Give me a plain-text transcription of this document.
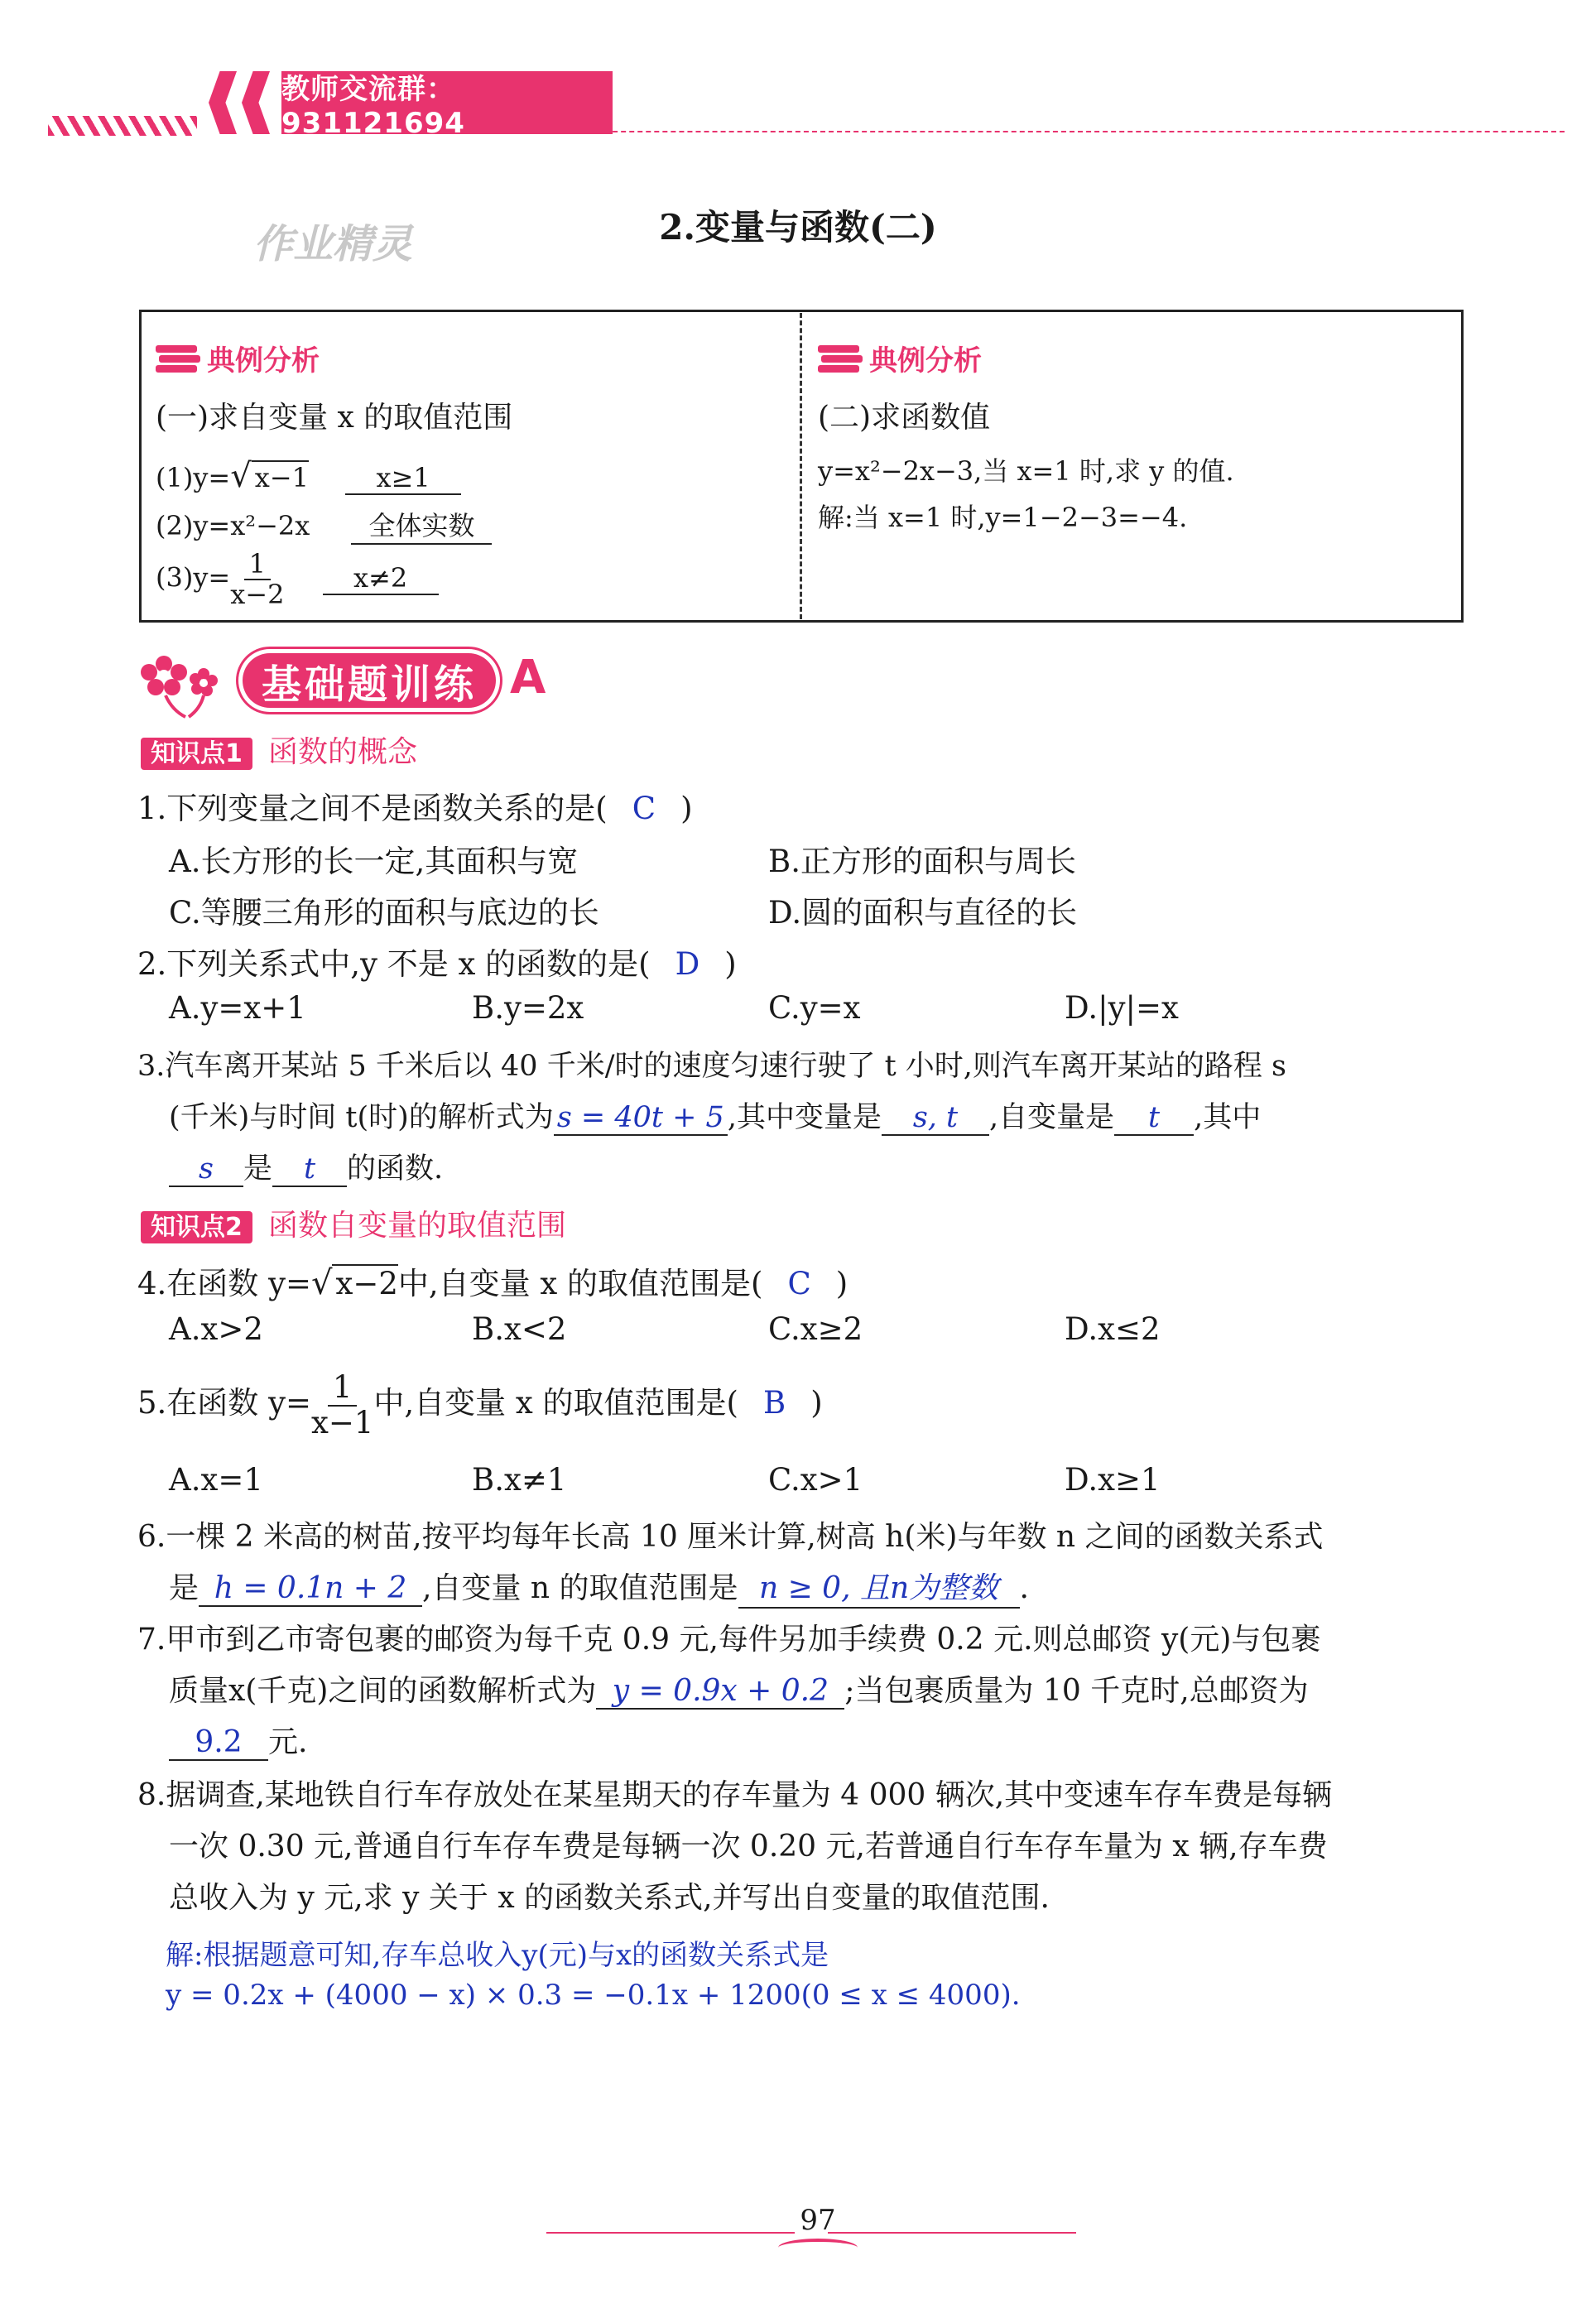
教师交流群：931121694
作业精灵	2.变量与函数(二)
典例分析
(一)求自变量 x 的取值范围
(1)y=√ x−1	x≥1
(2)y=x²−2x 全体实数
$(3)y= \frac{1}{x-2}$	x≠2
典例分析
(二)求函数值
y=x²−2x−3,当 x=1 时,求 y 的值.
解:当 x=1 时,y=1−2−3=−4.
基础题训练 A
知识点1 函数的概念
1.下列变量之间不是函数关系的是( C )
A.长方形的长一定,其面积与宽	B.正方形的面积与周长
C.等腰三角形的面积与底边的长	D.圆的面积与直径的长
2.下列关系式中,y 不是 x 的函数的是( D )
A.y=x+1	B.y=2x	C.y=x	D.|y|=x
3.汽车离开某站 5 千米后以 40 千米/时的速度匀速行驶了 t 小时,则汽车离开某站的路程 s
(千米)与时间 t(时)的解析式为 s = 40t + 5 ,其中变量是 s, t ,自变量是 t ,其中
s 是 t 的函数.
知识点2 函数自变量的取值范围
4.在函数 y=√ x−2中,自变量 x 的取值范围是( C )
A.x>2	B.x<2	C.x≥2	D.x≤2
5.在函数 $y= \frac{1}{x-1}$ 中,自变量 x 的取值范围是( B )
A.x=1	B.x≠1	C.x>1	D.x≥1
6.一棵 2 米高的树苗,按平均每年长高 10 厘米计算,树高 h(米)与年数 n 之间的函数关系式
是 h = 0.1n + 2 ,自变量 n 的取值范围是 n ≥ 0, 且n为整数 .
7.甲市到乙市寄包裹的邮资为每千克 0.9 元,每件另加手续费 0.2 元.则总邮资 y(元)与包裹
质量x(千克)之间的函数解析式为 y = 0.9x + 0.2 ;当包裹质量为 10 千克时,总邮资为
9.2 元.
8.据调查,某地铁自行车存放处在某星期天的存车量为 4 000 辆次,其中变速车存车费是每辆
一次 0.30 元,普通自行车存车费是每辆一次 0.20 元,若普通自行车存车量为 x 辆,存车费
总收入为 y 元,求 y 关于 x 的函数关系式,并写出自变量的取值范围.
解:根据题意可知,存车总收入y(元)与x的函数关系式是
y = 0.2x + (4000 − x) × 0.3 = −0.1x + 1200(0 ≤ x ≤ 4000).
97
